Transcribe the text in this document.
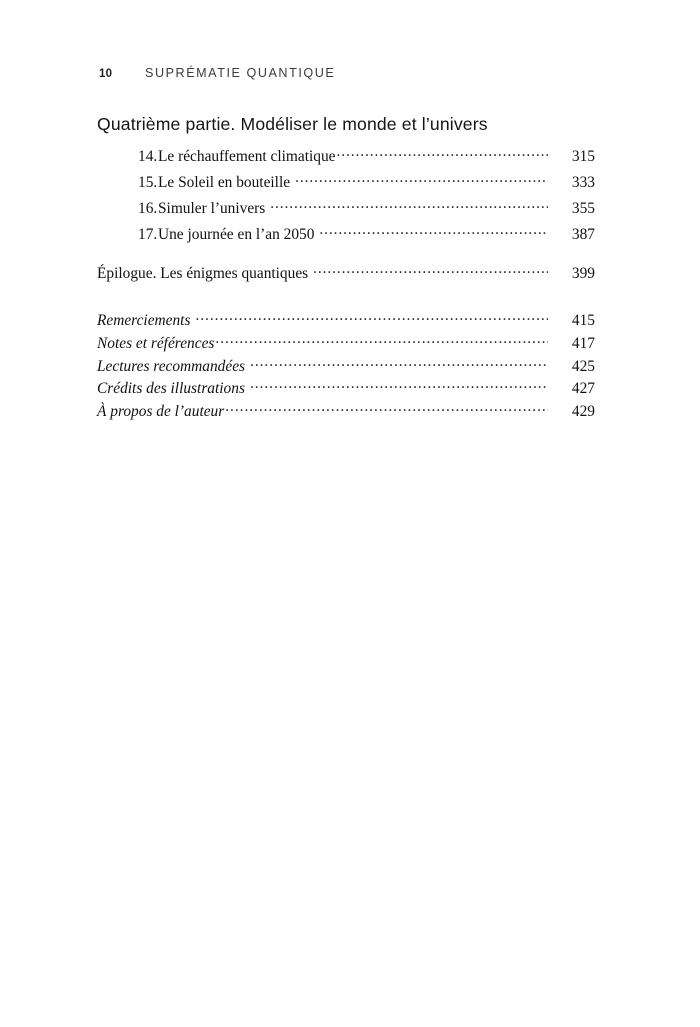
10	SUPRÉMATIE QUANTIQUE
Quatrième partie. Modéliser le monde et l’univers
14. Le réchauffement climatique .....	315
15. Le Soleil en bouteille .....	333
16. Simuler l’univers .....	355
17. Une journée en l’an 2050 .....	387
Épilogue. Les énigmes quantiques .....	399
Remerciements .....	415
Notes et références .....	417
Lectures recommandées .....	425
Crédits des illustrations .....	427
À propos de l’auteur .....	429
